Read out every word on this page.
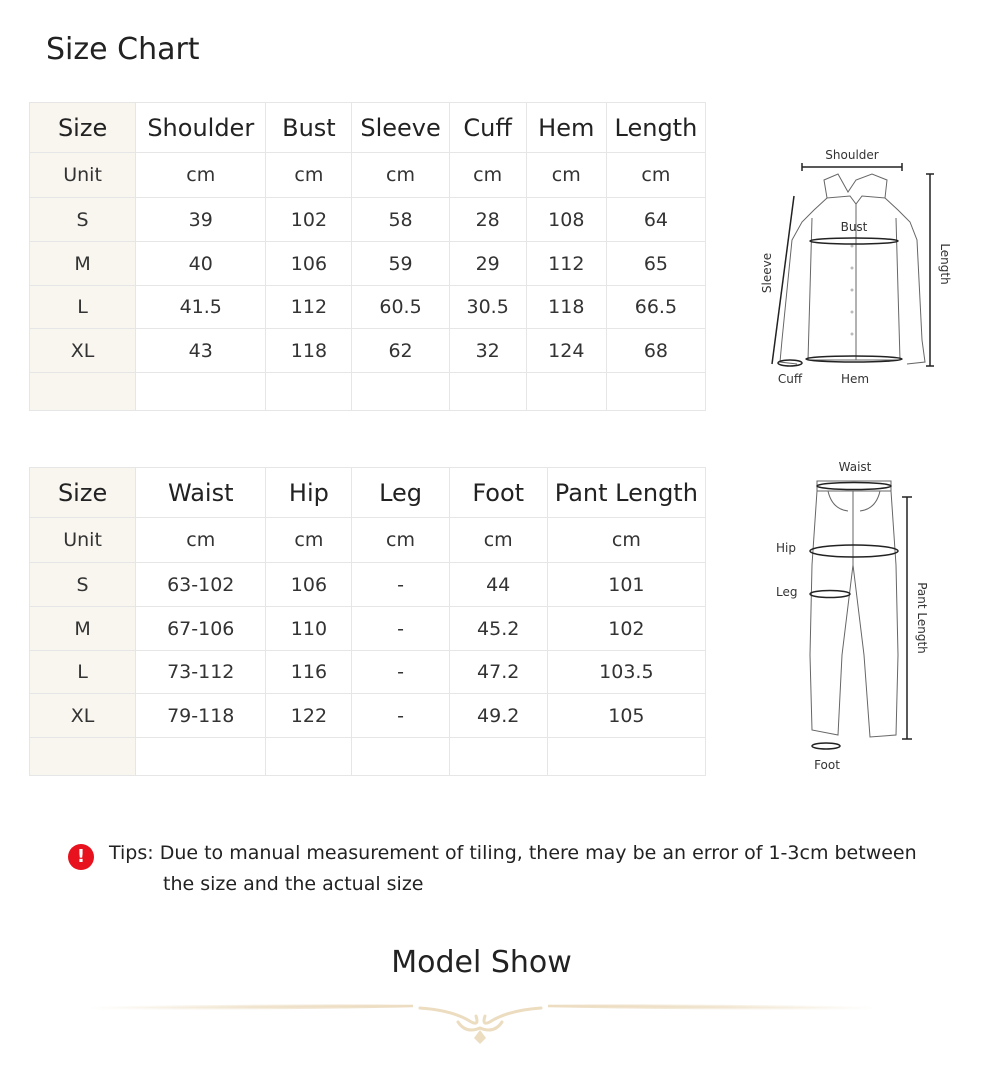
Size Chart
Size	Shoulder	Bust	Sleeve	Cuff	Hem	Length
Unit	cm	cm	cm	cm	cm	cm
S	39	102	58	28	108	64
M	40	106	59	29	112	65
L	41.5	112	60.5	30.5	118	66.5
XL	43	118	62	32	124	68

Shoulder
Bust
Sleeve	Length
Cuff	Hem
Size	Waist	Hip	Leg	Foot	Pant Length
Unit	cm	cm	cm	cm	cm
S	63-102	106	-	44	101
M	67-106	110	-	45.2	102
L	73-112	116	-	47.2	103.5
XL	79-118	122	-	49.2	105

Waist
Hip
Leg	Pant Length
Foot
!	Tips: Due to manual measurement of tiling, there may be an error of 1-3cm between
the size and the actual size
Model Show
